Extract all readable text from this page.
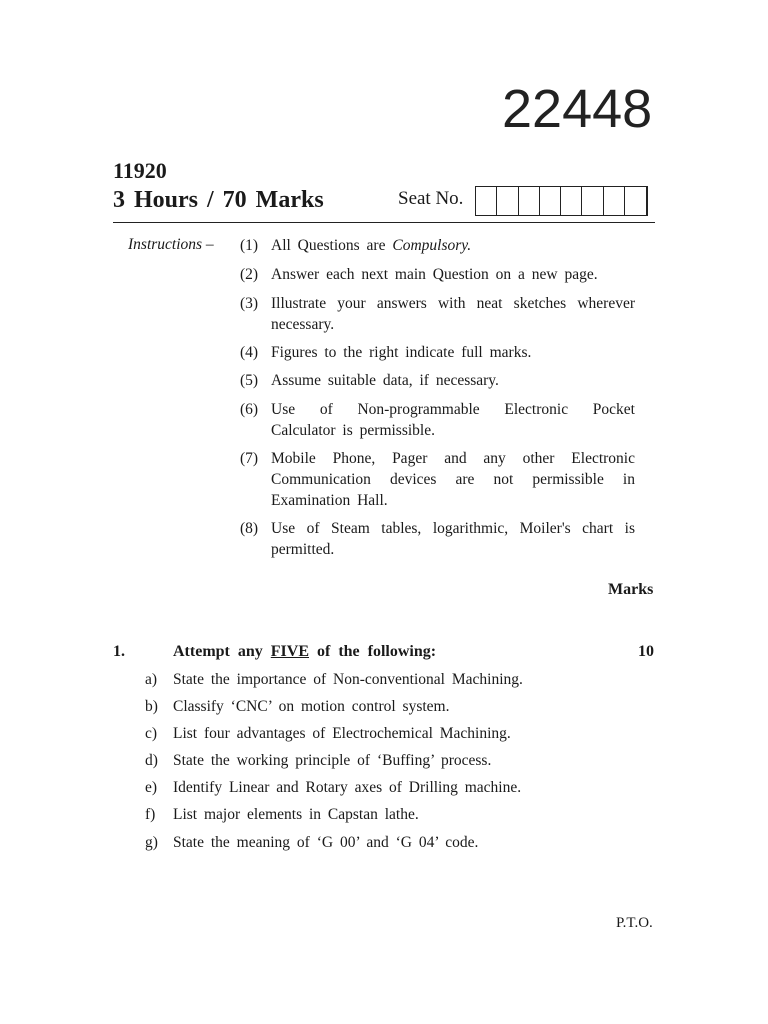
22448
11920
3 Hours / 70 Marks	Seat No.
Instructions – (1) All Questions are Compulsory.
(2) Answer each next main Question on a new page.
(3) Illustrate your answers with neat sketches wherever necessary.
(4) Figures to the right indicate full marks.
(5) Assume suitable data, if necessary.
(6) Use of Non-programmable Electronic Pocket Calculator is permissible.
(7) Mobile Phone, Pager and any other Electronic Communication devices are not permissible in Examination Hall.
(8) Use of Steam tables, logarithmic, Moiler's chart is permitted.
Marks
1.	Attempt any FIVE of the following:	10
a) State the importance of Non-conventional Machining.
b) Classify ‘CNC’ on motion control system.
c) List four advantages of Electrochemical Machining.
d) State the working principle of ‘Buffing’ process.
e) Identify Linear and Rotary axes of Drilling machine.
f) List major elements in Capstan lathe.
g) State the meaning of ‘G 00’ and ‘G 04’ code.
P.T.O.
